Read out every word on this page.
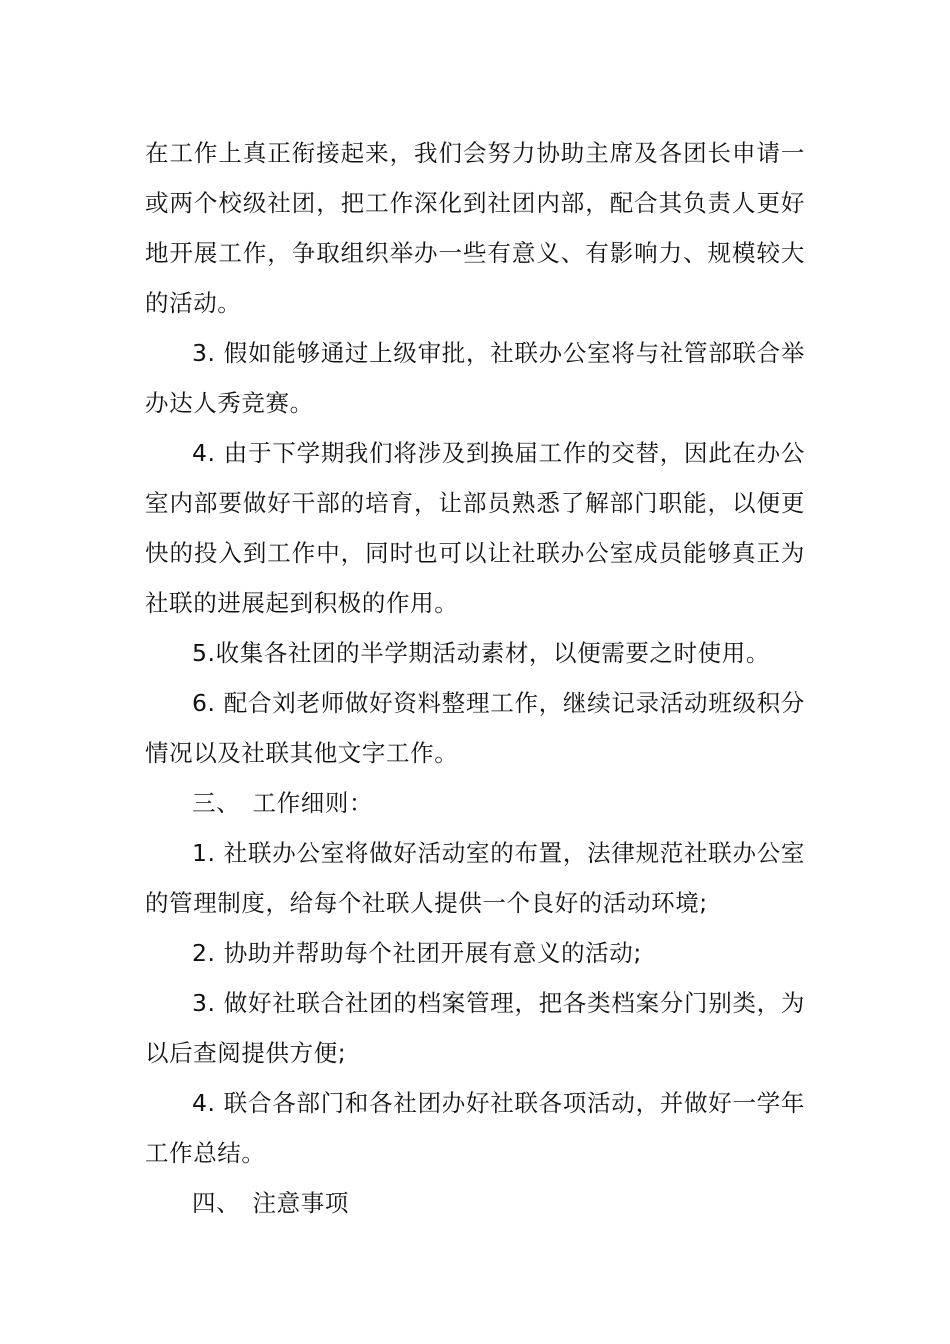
在工作上真正衔接起来，我们会努力协助主席及各团长申请一或两个校级社团，把工作深化到社团内部，配合其负责人更好地开展工作，争取组织举办一些有意义、有影响力、规模较大的活动。

3. 假如能够通过上级审批，社联办公室将与社管部联合举办达人秀竞赛。

4. 由于下学期我们将涉及到换届工作的交替，因此在办公室内部要做好干部的培育，让部员熟悉了解部门职能，以便更快的投入到工作中，同时也可以让社联办公室成员能够真正为社联的进展起到积极的作用。

5.收集各社团的半学期活动素材，以便需要之时使用。

6. 配合刘老师做好资料整理工作，继续记录活动班级积分情况以及社联其他文字工作。

三、　工作细则：

1. 社联办公室将做好活动室的布置，法律规范社联办公室的管理制度，给每个社联人提供一个良好的活动环境;

2. 协助并帮助每个社团开展有意义的活动;

3. 做好社联合社团的档案管理，把各类档案分门别类，为以后查阅提供方便;

4. 联合各部门和各社团办好社联各项活动，并做好一学年工作总结。

四、　注意事项
